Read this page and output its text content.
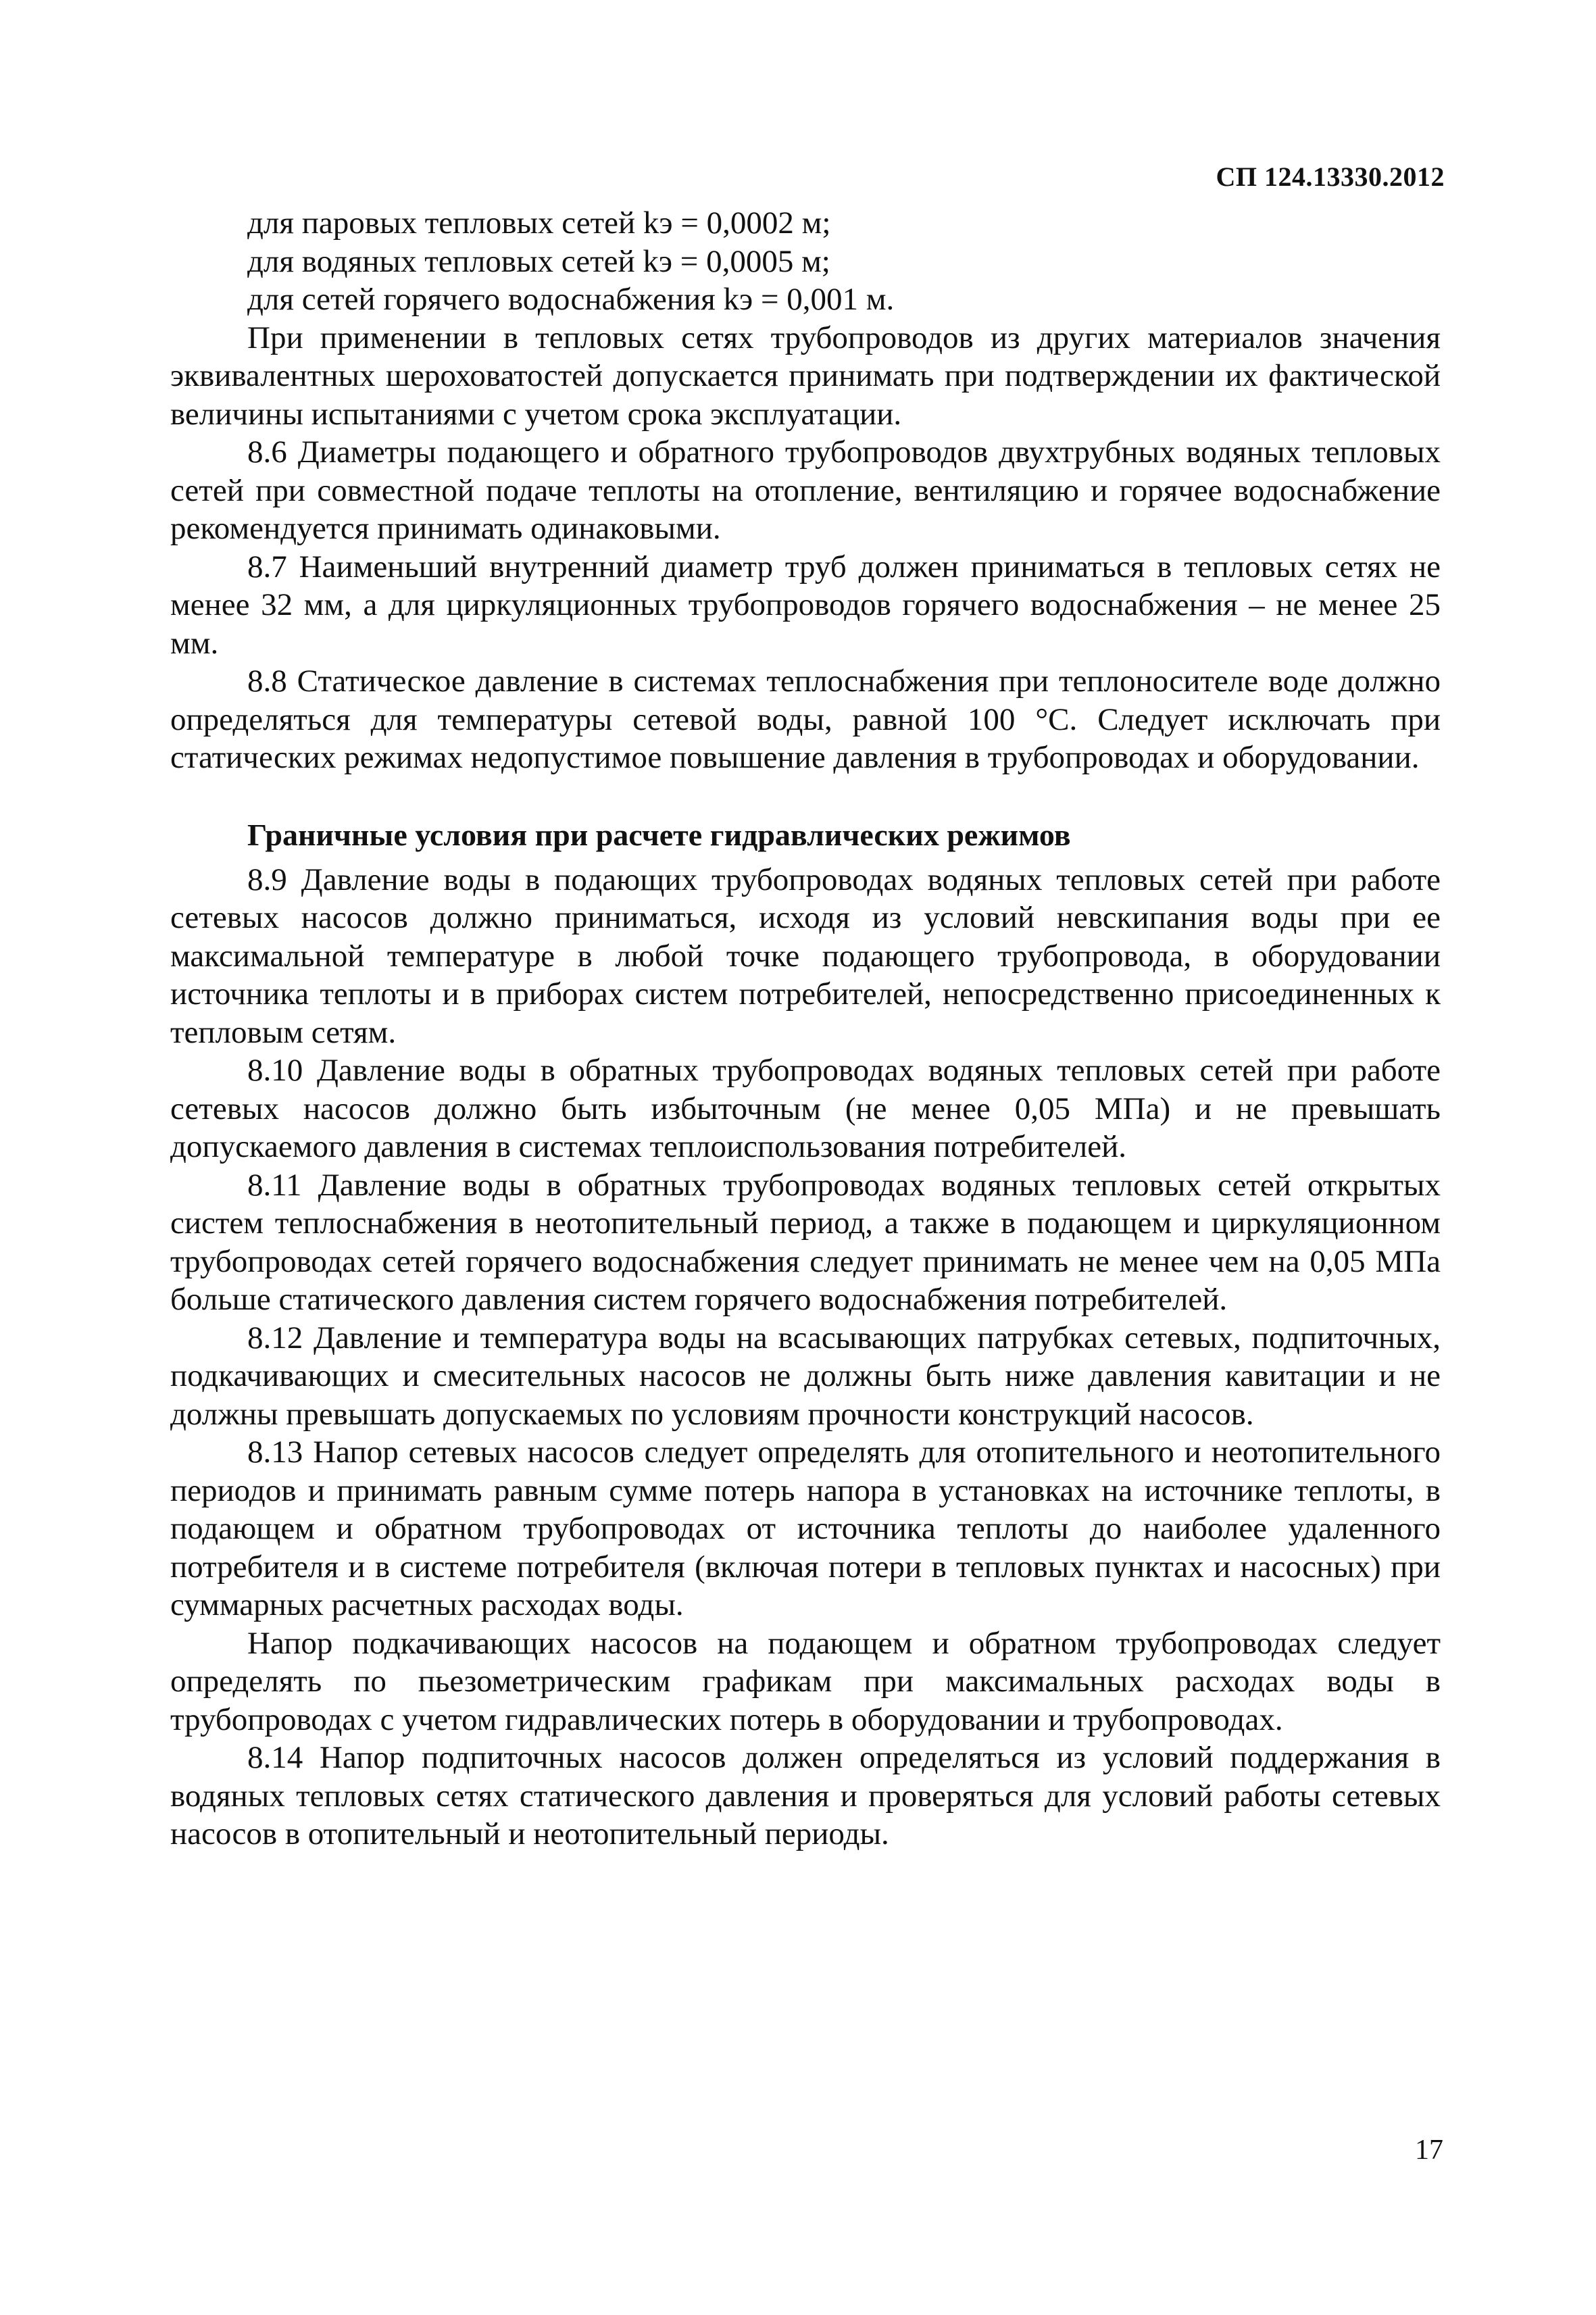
СП 124.13330.2012

для паровых тепловых сетей kэ = 0,0002 м;

для водяных тепловых сетей kэ = 0,0005 м;

для сетей горячего водоснабжения kэ = 0,001 м.

При применении в тепловых сетях трубопроводов из других материалов значения эквивалентных шероховатостей допускается принимать при подтверждении их фактической величины испытаниями с учетом срока эксплуатации.

8.6 Диаметры подающего и обратного трубопроводов двухтрубных водяных тепловых сетей при совместной подаче теплоты на отопление, вентиляцию и горячее водоснабжение рекомендуется принимать одинаковыми.

8.7 Наименьший внутренний диаметр труб должен приниматься в тепловых сетях не менее 32 мм, а для циркуляционных трубопроводов горячего водоснабжения – не менее 25 мм.

8.8 Статическое давление в системах теплоснабжения при теплоносителе воде должно определяться для температуры сетевой воды, равной 100 °С. Следует исключать при статических режимах недопустимое повышение давления в трубопроводах и оборудовании.

Граничные условия при расчете гидравлических режимов

8.9 Давление воды в подающих трубопроводах водяных тепловых сетей при работе сетевых насосов должно приниматься, исходя из условий невскипания воды при ее максимальной температуре в любой точке подающего трубопровода, в оборудовании источника теплоты и в приборах систем потребителей, непосредственно присоединенных к тепловым сетям.

8.10 Давление воды в обратных трубопроводах водяных тепловых сетей при работе сетевых насосов должно быть избыточным (не менее 0,05 МПа) и не превышать допускаемого давления в системах теплоиспользования потребителей.

8.11 Давление воды в обратных трубопроводах водяных тепловых сетей открытых систем теплоснабжения в неотопительный период, а также в подающем и циркуляционном трубопроводах сетей горячего водоснабжения следует принимать не менее чем на 0,05 МПа больше статического давления систем горячего водоснабжения потребителей.

8.12 Давление и температура воды на всасывающих патрубках сетевых, подпиточных, подкачивающих и смесительных насосов не должны быть ниже давления кавитации и не должны превышать допускаемых по условиям прочности конструкций насосов.

8.13 Напор сетевых насосов следует определять для отопительного и неотопительного периодов и принимать равным сумме потерь напора в установках на источнике теплоты, в подающем и обратном трубопроводах от источника теплоты до наиболее удаленного потребителя и в системе потребителя (включая потери в тепловых пунктах и насосных) при суммарных расчетных расходах воды.

Напор подкачивающих насосов на подающем и обратном трубопроводах следует определять по пьезометрическим графикам при максимальных расходах воды в трубопроводах с учетом гидравлических потерь в оборудовании и трубопроводах.

8.14 Напор подпиточных насосов должен определяться из условий поддержания в водяных тепловых сетях статического давления и проверяться для условий работы сетевых насосов в отопительный и неотопительный периоды.

17
